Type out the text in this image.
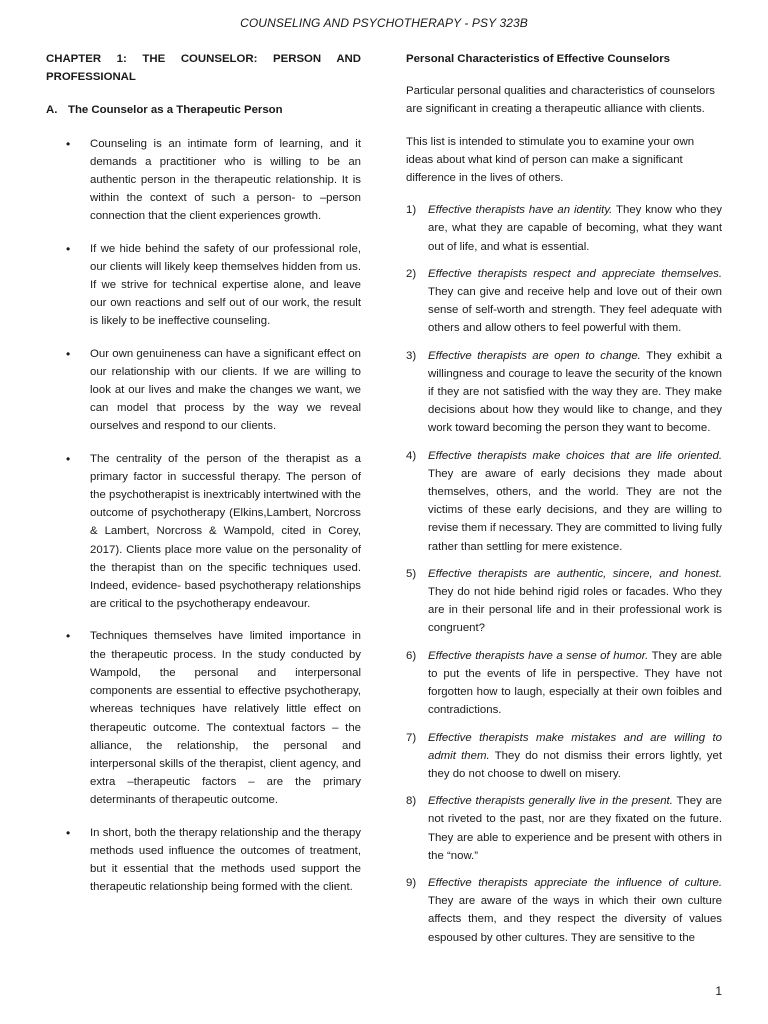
COUNSELING AND PSYCHOTHERAPY - PSY 323B
CHAPTER 1: THE COUNSELOR: PERSON AND PROFESSIONAL
A. The Counselor as a Therapeutic Person
• Counseling is an intimate form of learning, and it demands a practitioner who is willing to be an authentic person in the therapeutic relationship. It is within the context of such a person- to –person connection that the client experiences growth.
• If we hide behind the safety of our professional role, our clients will likely keep themselves hidden from us. If we strive for technical expertise alone, and leave our own reactions and self out of our work, the result is likely to be ineffective counseling.
• Our own genuineness can have a significant effect on our relationship with our clients. If we are willing to look at our lives and make the changes we want, we can model that process by the way we reveal ourselves and respond to our clients.
• The centrality of the person of the therapist as a primary factor in successful therapy. The person of the psychotherapist is inextricably intertwined with the outcome of psychotherapy (Elkins,Lambert, Norcross & Lambert, Norcross & Wampold, cited in Corey, 2017). Clients place more value on the personality of the therapist than on the specific techniques used. Indeed, evidence- based psychotherapy relationships are critical to the psychotherapy endeavour.
• Techniques themselves have limited importance in the therapeutic process. In the study conducted by Wampold, the personal and interpersonal components are essential to effective psychotherapy, whereas techniques have relatively little effect on therapeutic outcome. The contextual factors – the alliance, the relationship, the personal and interpersonal skills of the therapist, client agency, and extra –therapeutic factors – are the primary determinants of therapeutic outcome.
• In short, both the therapy relationship and the therapy methods used influence the outcomes of treatment, but it essential that the methods used support the therapeutic relationship being formed with the client.
Personal Characteristics of Effective Counselors
Particular personal qualities and characteristics of counselors are significant in creating a therapeutic alliance with clients.
This list is intended to stimulate you to examine your own ideas about what kind of person can make a significant difference in the lives of others.
1) Effective therapists have an identity. They know who they are, what they are capable of becoming, what they want out of life, and what is essential.
2) Effective therapists respect and appreciate themselves. They can give and receive help and love out of their own sense of self-worth and strength. They feel adequate with others and allow others to feel powerful with them.
3) Effective therapists are open to change. They exhibit a willingness and courage to leave the security of the known if they are not satisfied with the way they are. They make decisions about how they would like to change, and they work toward becoming the person they want to become.
4) Effective therapists make choices that are life oriented. They are aware of early decisions they made about themselves, others, and the world. They are not the victims of these early decisions, and they are willing to revise them if necessary. They are committed to living fully rather than settling for mere existence.
5) Effective therapists are authentic, sincere, and honest. They do not hide behind rigid roles or facades. Who they are in their personal life and in their professional work is congruent?
6) Effective therapists have a sense of humor. They are able to put the events of life in perspective. They have not forgotten how to laugh, especially at their own foibles and contradictions.
7) Effective therapists make mistakes and are willing to admit them. They do not dismiss their errors lightly, yet they do not choose to dwell on misery.
8) Effective therapists generally live in the present. They are not riveted to the past, nor are they fixated on the future. They are able to experience and be present with others in the “now.”
9) Effective therapists appreciate the influence of culture. They are aware of the ways in which their own culture affects them, and they respect the diversity of values espoused by other cultures. They are sensitive to the
1
